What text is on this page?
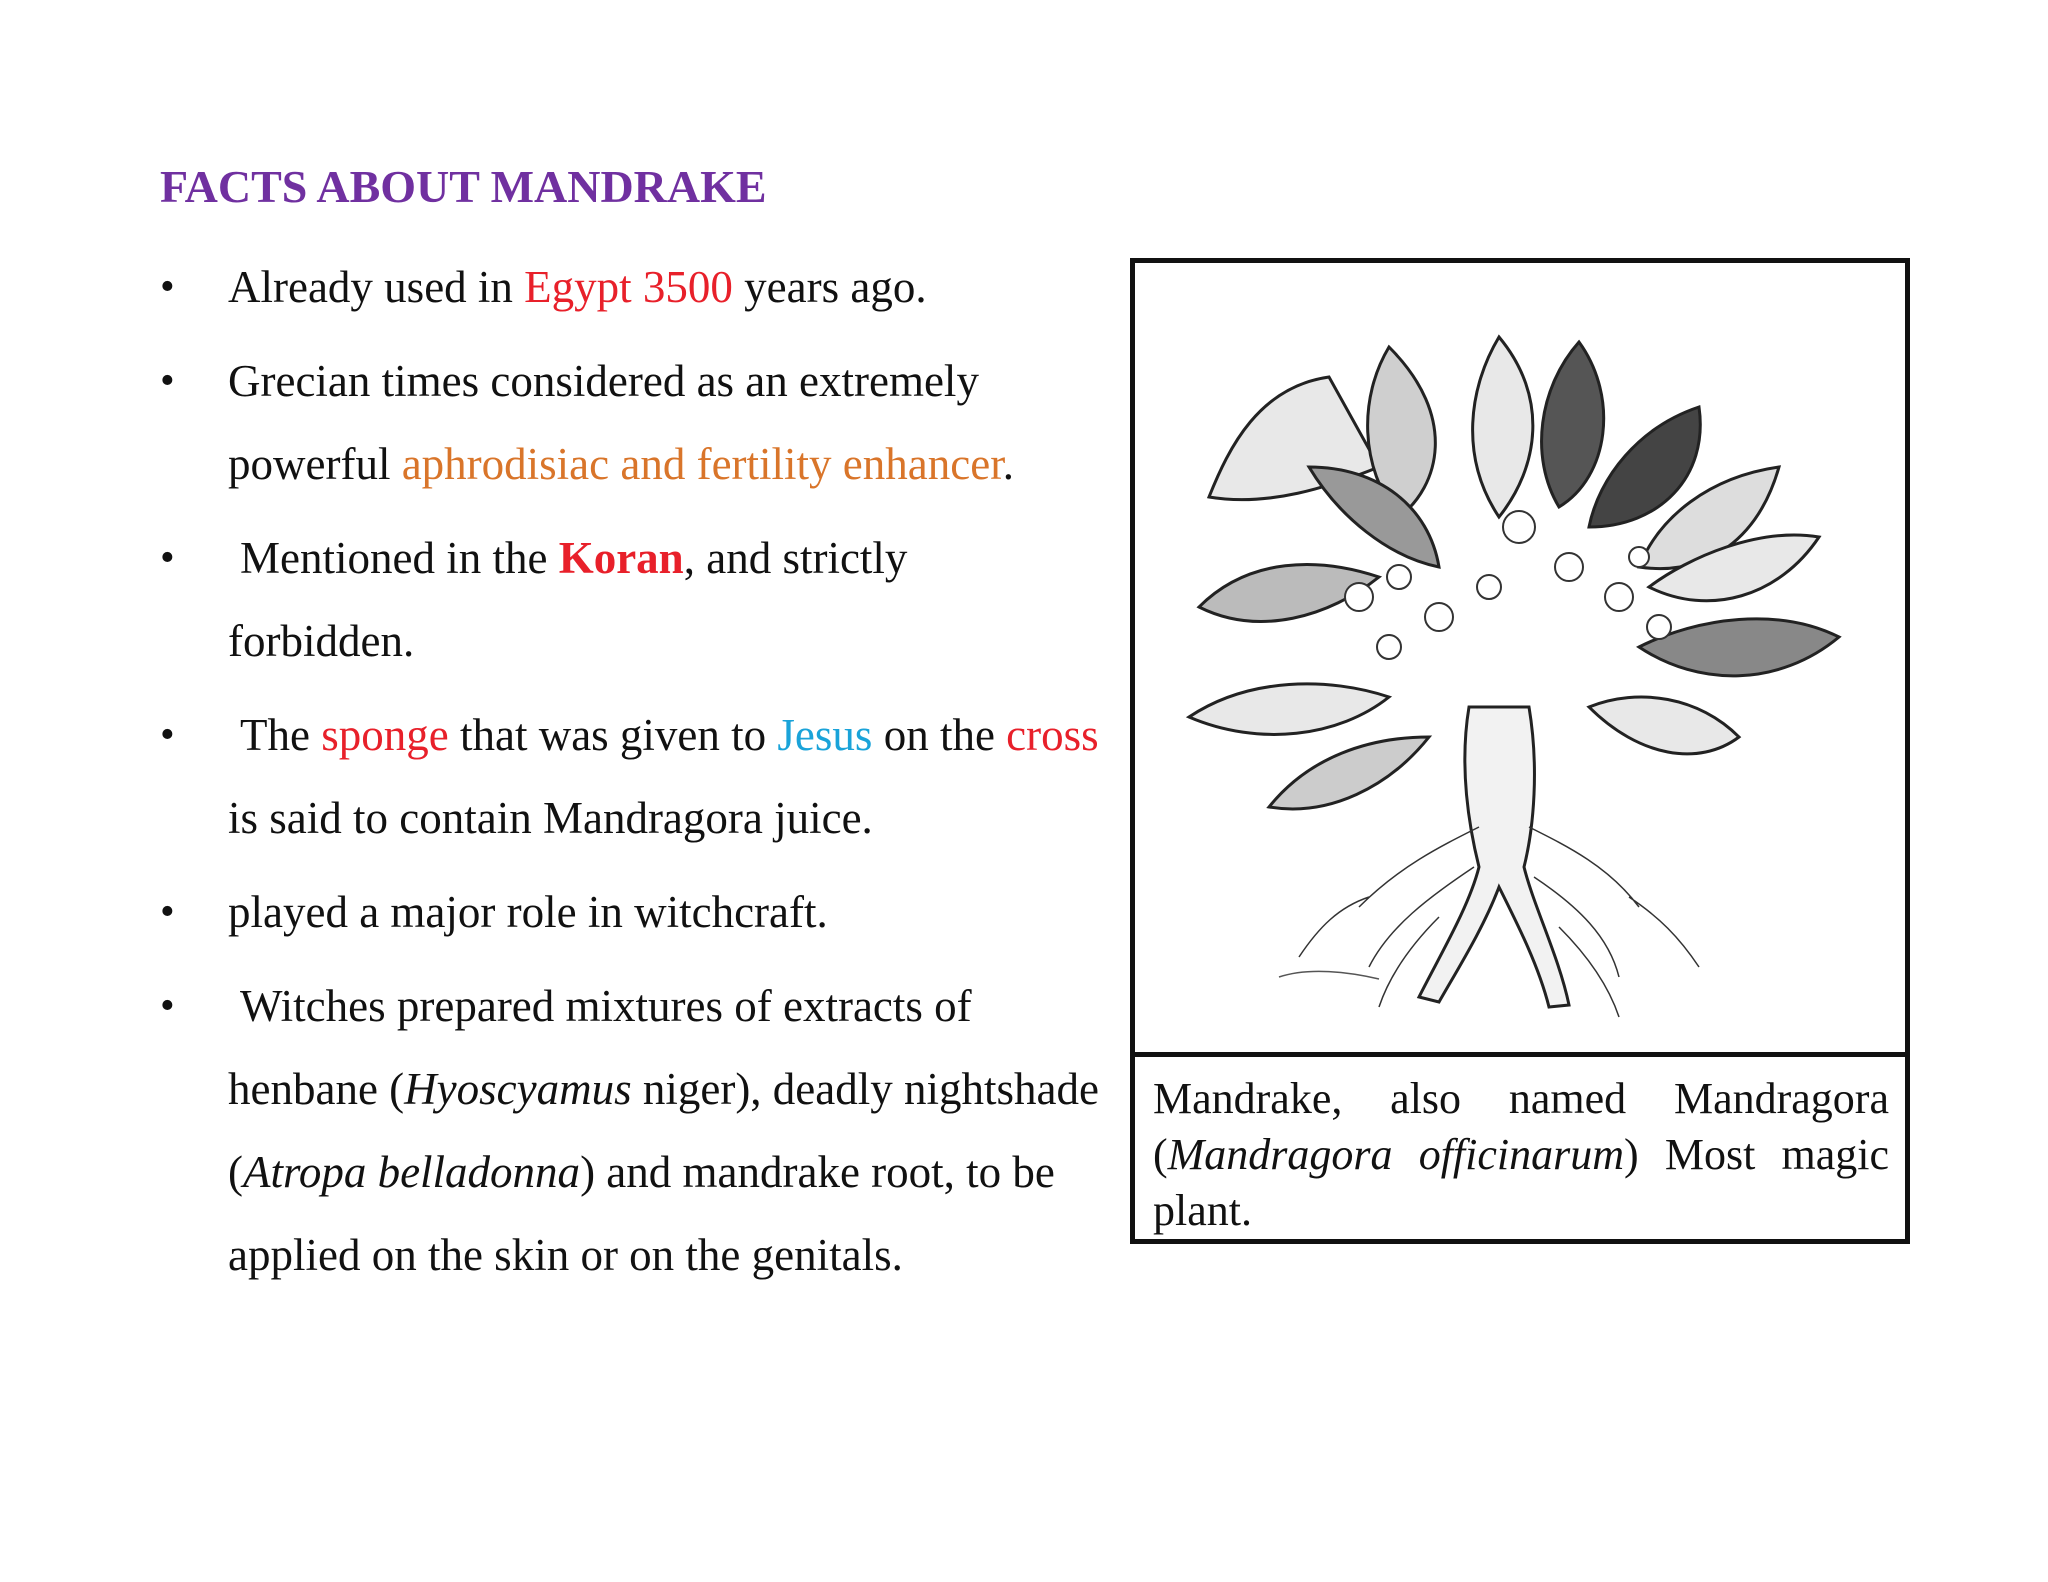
FACTS ABOUT MANDRAKE
• Already used in Egypt 3500 years ago.
• Grecian times considered as an extremely powerful aphrodisiac and fertility enhancer.
• Mentioned in the Koran, and strictly forbidden.
• The sponge that was given to Jesus on the cross is said to contain Mandragora juice.
• played a major role in witchcraft.
• Witches prepared mixtures of extracts of henbane (Hyoscyamus niger), deadly nightshade (Atropa belladonna) and mandrake root, to be applied on the skin or on the genitals.
Mandrake, also named Mandragora (Mandragora officinarum) Most magic plant.
